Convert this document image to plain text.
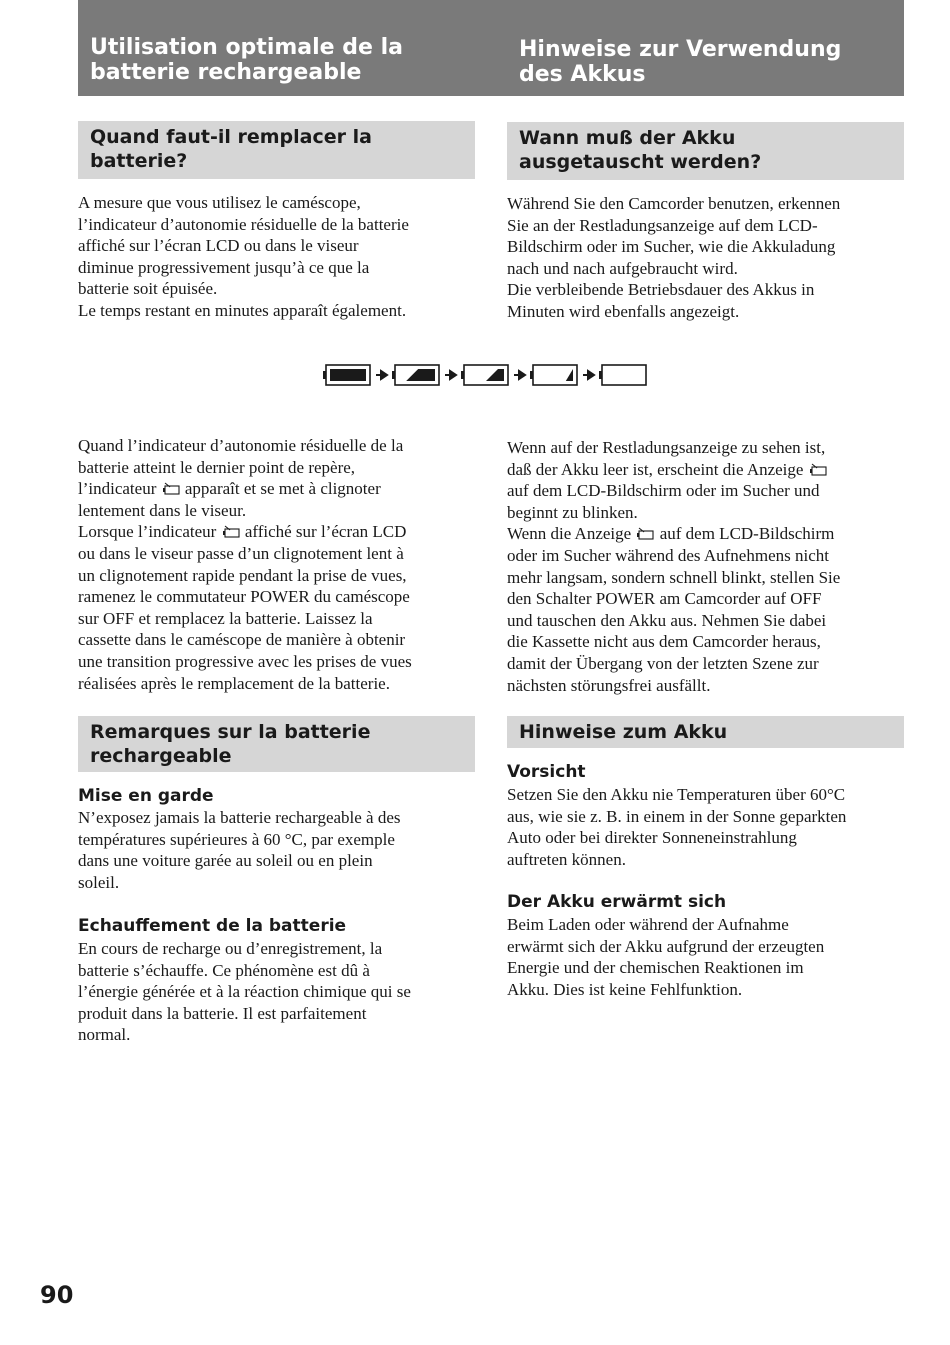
Utilisation optimale de la
batterie rechargeable
Hinweise zur Verwendung
des Akkus
Quand faut-il remplacer la
batterie?
Wann muß der Akku
ausgetauscht werden?
A mesure que vous utilisez le caméscope,
l’indicateur d’autonomie résiduelle de la batterie
affiché sur l’écran LCD ou dans le viseur
diminue progressivement jusqu’à ce que la
batterie soit épuisée.
Le temps restant en minutes apparaît également.
Während Sie den Camcorder benutzen, erkennen
Sie an der Restladungsanzeige auf dem LCD-
Bildschirm oder im Sucher, wie die Akkuladung
nach und nach aufgebraucht wird.
Die verbleibende Betriebsdauer des Akkus in
Minuten wird ebenfalls angezeigt.
Quand l’indicateur d’autonomie résiduelle de la
batterie atteint le dernier point de repère,
l’indicateur  apparaît et se met à clignoter
lentement dans le viseur.
Lorsque l’indicateur  affiché sur l’écran LCD
ou dans le viseur passe d’un clignotement lent à
un clignotement rapide pendant la prise de vues,
ramenez le commutateur POWER du caméscope
sur OFF et remplacez la batterie. Laissez la
cassette dans le caméscope de manière à obtenir
une transition progressive avec les prises de vues
réalisées après le remplacement de la batterie.
Wenn auf der Restladungsanzeige zu sehen ist,
daß der Akku leer ist, erscheint die Anzeige
auf dem LCD-Bildschirm oder im Sucher und
beginnt zu blinken.
Wenn die Anzeige  auf dem LCD-Bildschirm
oder im Sucher während des Aufnehmens nicht
mehr langsam, sondern schnell blinkt, stellen Sie
den Schalter POWER am Camcorder auf OFF
und tauschen den Akku aus. Nehmen Sie dabei
die Kassette nicht aus dem Camcorder heraus,
damit der Übergang von der letzten Szene zur
nächsten störungsfrei ausfällt.
Remarques sur la batterie
rechargeable
Hinweise zum Akku
Mise en garde
N’exposez jamais la batterie rechargeable à des
températures supérieures à 60 °C, par exemple
dans une voiture garée au soleil ou en plein
soleil.
Vorsicht
Setzen Sie den Akku nie Temperaturen über 60°C
aus, wie sie z. B. in einem in der Sonne geparkten
Auto oder bei direkter Sonneneinstrahlung
auftreten können.
Echauffement de la batterie
En cours de recharge ou d’enregistrement, la
batterie s’échauffe. Ce phénomène est dû à
l’énergie générée et à la réaction chimique qui se
produit dans la batterie. Il est parfaitement
normal.
Der Akku erwärmt sich
Beim Laden oder während der Aufnahme
erwärmt sich der Akku aufgrund der erzeugten
Energie und der chemischen Reaktionen im
Akku. Dies ist keine Fehlfunktion.
90
